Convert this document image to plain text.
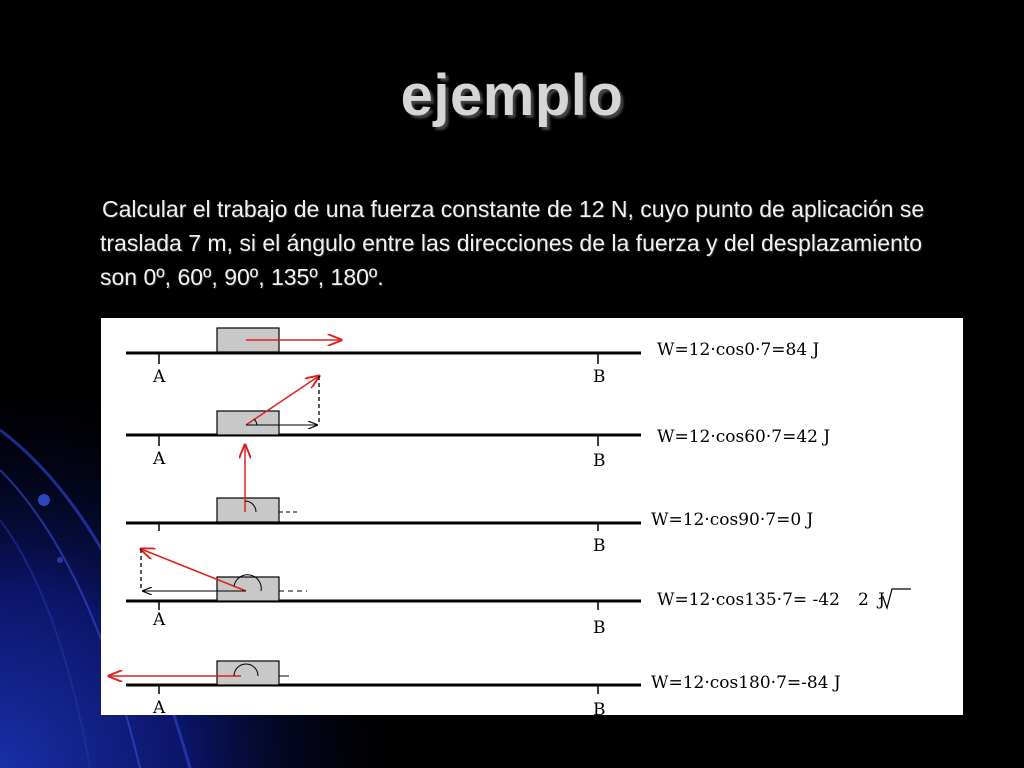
ejemplo
Calcular el trabajo de una fuerza constante de 12 N, cuyo punto de aplicación se traslada 7 m, si el ángulo entre las direcciones de la fuerza y del desplazamiento son 0º, 60º, 90º, 135º, 180º.
A	B
W=12·cos0·7=84 J
A	B
W=12·cos60·7=42 J
B
W=12·cos90·7=0 J
A	B
W=12·cos135·7= -42 2 J
A	B
W=12·cos180·7=-84 J
